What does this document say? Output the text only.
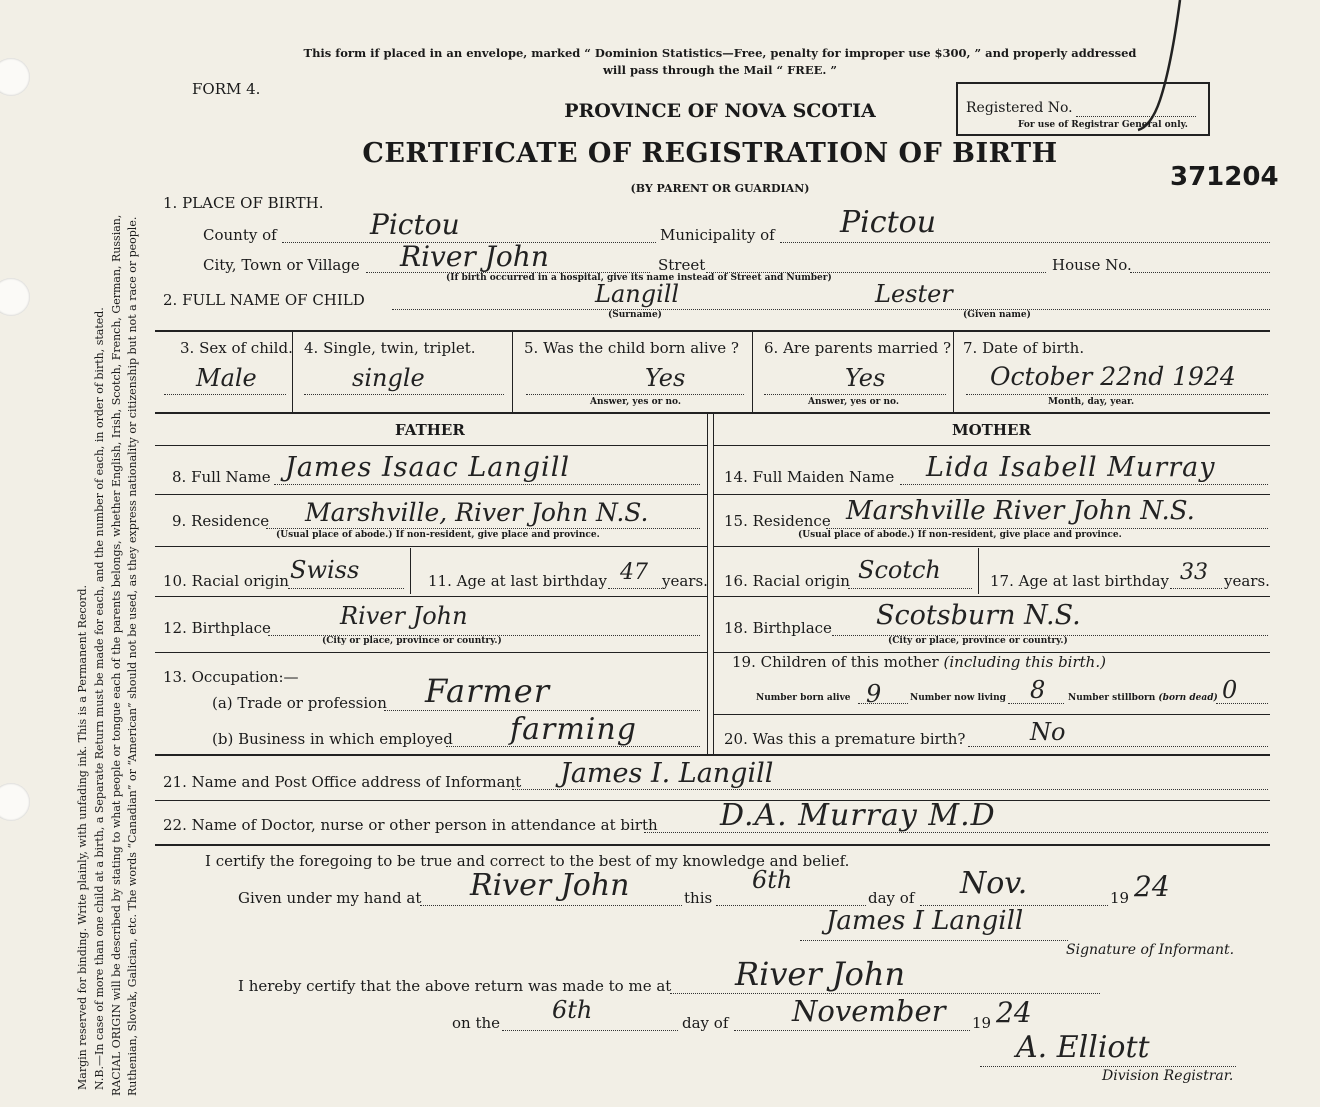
Margin reserved for binding. Write plainly, with unfading ink. This is a Permanent Record. N.B.—In case of more than one child at a birth, a Separate Return must be made for each, and the number of each, in order of birth, stated. RACIAL ORIGIN will be described by stating to what people or tongue each of the parents belongs, whether English, Irish, Scotch, French, German, Russian, Ruthenian, Slovak, Galician, etc. The words “Canadian” or “American” should not be used, as they express nationality or citizenship but not a race or people.
This form if placed in an envelope, marked “ Dominion Statistics—Free, penalty for improper use $300, ” and properly addressed
will pass through the Mail “ FREE. ”
FORM 4.
PROVINCE OF NOVA SCOTIA	Registered No.
For use of Registrar General only.
CERTIFICATE OF REGISTRATION OF BIRTH
(BY PARENT OR GUARDIAN)	371204
1. PLACE OF BIRTH.
County of	Pictou	Municipality of Pictou
City, Town or Village River John	Street	House No.
(If birth occurred in a hospital, give its name instead of Street and Number)
2. FULL NAME OF CHILD	Langill	Lester
(Surname)	(Given name)
3. Sex of child.
Male
4. Single, twin, triplet.
single
5. Was the child born alive ?
Yes
Answer, yes or no.
6. Are parents married ?
Yes
Answer, yes or no.
7. Date of birth.
October 22nd 1924
Month, day, year.
FATHER	MOTHER
8. Full Name James Isaac Langill	14. Full Maiden Name Lida Isabell Murray
9. Residence Marshville, River John N.S.
(Usual place of abode.) If non-resident, give place and province.
15. Residence Marshville River John N.S.
(Usual place of abode.) If non-resident, give place and province.
10. Racial origin Swiss	11. Age at last birthday 47 years. 16. Racial origin Scotch	17. Age at last birthday 33 years.
12. Birthplace	River John
(City or place, province or country.)
18. Birthplace Scotsburn N.S.
(City or place, province or country.)
13. Occupation:—
(a) Trade or profession Farmer
(b) Business in which employed farming
19. Children of this mother (including this birth.)
Number born alive 9	Number now living 8	Number stillborn (born dead) 0
20. Was this a premature birth?	No
21. Name and Post Office address of Informant James I. Langill
22. Name of Doctor, nurse or other person in attendance at birth D.A. Murray M.D
I certify the foregoing to be true and correct to the best of my knowledge and belief.
Given under my hand at River John	this
6th
day of Nov.	19 24
James I Langill
Signature of Informant.
I hereby certify that the above return was made to me at River John
on the 6th	day of November 19 24
A. Elliott
Division Registrar.
